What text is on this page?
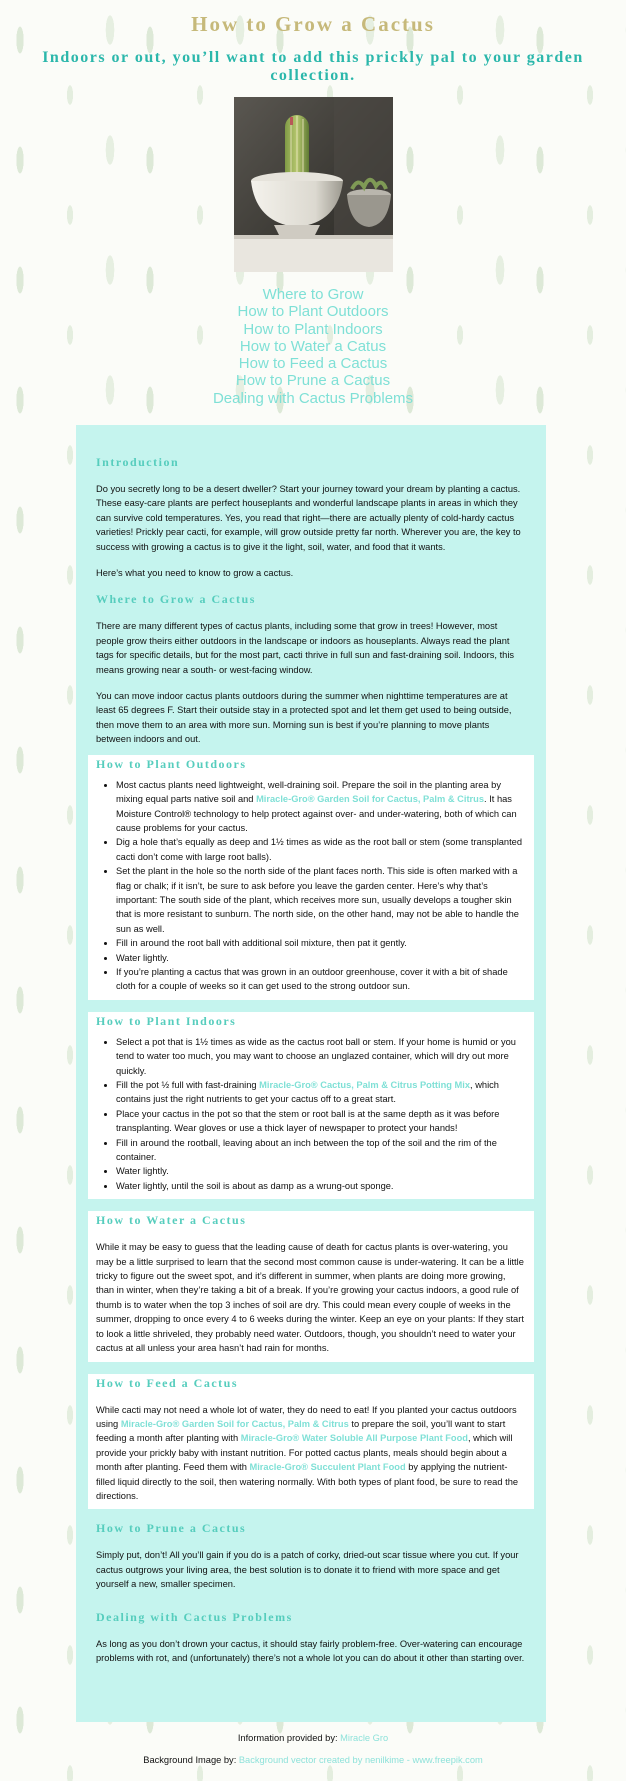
How to Grow a Cactus
Indoors or out, you’ll want to add this prickly pal to your garden collection.
Where to Grow
How to Plant Outdoors
How to Plant Indoors
How to Water a Catus
How to Feed a Cactus
How to Prune a Cactus
Dealing with Cactus Problems
Introduction

Do you secretly long to be a desert dweller? Start your journey toward your dream by planting a cactus. These easy-care plants are perfect houseplants and wonderful landscape plants in areas in which they can survive cold temperatures. Yes, you read that right—there are actually plenty of cold-hardy cactus varieties! Prickly pear cacti, for example, will grow outside pretty far north. Wherever you are, the key to success with growing a cactus is to give it the light, soil, water, and food that it wants.

Here’s what you need to know to grow a cactus.

Where to Grow a Cactus

There are many different types of cactus plants, including some that grow in trees! However, most people grow theirs either outdoors in the landscape or indoors as houseplants. Always read the plant tags for specific details, but for the most part, cacti thrive in full sun and fast-draining soil. Indoors, this means growing near a south- or west-facing window.

You can move indoor cactus plants outdoors during the summer when nighttime temperatures are at least 65 degrees F. Start their outside stay in a protected spot and let them get used to being outside, then move them to an area with more sun. Morning sun is best if you’re planning to move plants between indoors and out.

How to Plant Outdoors
• Most cactus plants need lightweight, well-draining soil. Prepare the soil in the planting area by mixing equal parts native soil and Miracle-Gro® Garden Soil for Cactus, Palm & Citrus. It has Moisture Control® technology to help protect against over- and under-watering, both of which can cause problems for your cactus.
• Dig a hole that’s equally as deep and 1½ times as wide as the root ball or stem (some transplanted cacti don’t come with large root balls).
• Set the plant in the hole so the north side of the plant faces north. This side is often marked with a flag or chalk; if it isn’t, be sure to ask before you leave the garden center. Here’s why that’s important: The south side of the plant, which receives more sun, usually develops a tougher skin that is more resistant to sunburn. The north side, on the other hand, may not be able to handle the sun as well.
• Fill in around the root ball with additional soil mixture, then pat it gently.
• Water lightly.
• If you’re planting a cactus that was grown in an outdoor greenhouse, cover it with a bit of shade cloth for a couple of weeks so it can get used to the strong outdoor sun.
How to Plant Indoors
• Select a pot that is 1½ times as wide as the cactus root ball or stem. If your home is humid or you tend to water too much, you may want to choose an unglazed container, which will dry out more quickly.
• Fill the pot ½ full with fast-draining Miracle-Gro® Cactus, Palm & Citrus Potting Mix, which contains just the right nutrients to get your cactus off to a great start.
• Place your cactus in the pot so that the stem or root ball is at the same depth as it was before transplanting. Wear gloves or use a thick layer of newspaper to protect your hands!
• Fill in around the rootball, leaving about an inch between the top of the soil and the rim of the container.
• Water lightly.
• Water lightly, until the soil is about as damp as a wrung-out sponge.
How to Water a Cactus

While it may be easy to guess that the leading cause of death for cactus plants is over-watering, you may be a little surprised to learn that the second most common cause is under-watering. It can be a little tricky to figure out the sweet spot, and it’s different in summer, when plants are doing more growing, than in winter, when they’re taking a bit of a break. If you’re growing your cactus indoors, a good rule of thumb is to water when the top 3 inches of soil are dry. This could mean every couple of weeks in the summer, dropping to once every 4 to 6 weeks during the winter. Keep an eye on your plants: If they start to look a little shriveled, they probably need water. Outdoors, though, you shouldn’t need to water your cactus at all unless your area hasn’t had rain for months.

How to Feed a Cactus

While cacti may not need a whole lot of water, they do need to eat! If you planted your cactus outdoors using Miracle-Gro® Garden Soil for Cactus, Palm & Citrus to prepare the soil, you’ll want to start feeding a month after planting with Miracle-Gro® Water Soluble All Purpose Plant Food, which will provide your prickly baby with instant nutrition. For potted cactus plants, meals should begin about a month after planting. Feed them with Miracle-Gro® Succulent Plant Food by applying the nutrient-filled liquid directly to the soil, then watering normally. With both types of plant food, be sure to read the directions.

How to Prune a Cactus

Simply put, don’t! All you’ll gain if you do is a patch of corky, dried-out scar tissue where you cut. If your cactus outgrows your living area, the best solution is to donate it to friend with more space and get yourself a new, smaller specimen.

Dealing with Cactus Problems

As long as you don’t drown your cactus, it should stay fairly problem-free. Over-watering can encourage problems with rot, and (unfortunately) there’s not a whole lot you can do about it other than starting over.

Information provided by: Miracle Gro
Background Image by: Background vector created by nenilkime - www.freepik.com
